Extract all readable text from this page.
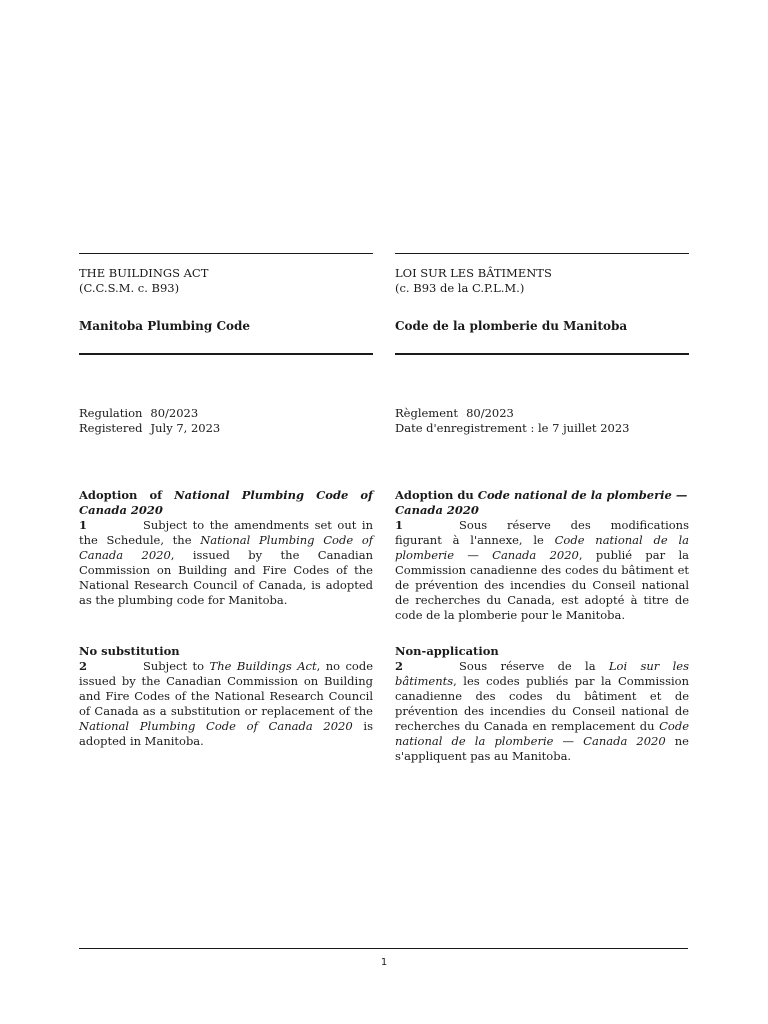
THE BUILDINGS ACT
(C.C.S.M. c. B93)
Manitoba Plumbing Code
Regulation 80/2023
Registered July 7, 2023
Adoption of National Plumbing Code of Canada 2020
1	Subject to the amendments set out in the Schedule, the National Plumbing Code of Canada 2020, issued by the Canadian Commission on Building and Fire Codes of the National Research Council of Canada, is adopted as the plumbing code for Manitoba.
No substitution
2	Subject to The Buildings Act, no code issued by the Canadian Commission on Building and Fire Codes of the National Research Council of Canada as a substitution or replacement of the National Plumbing Code of Canada 2020 is adopted in Manitoba.
LOI SUR LES BÂTIMENTS
(c. B93 de la C.P.L.M.)
Code de la plomberie du Manitoba
Règlement 80/2023
Date d'enregistrement : le 7 juillet 2023
Adoption du Code national de la plomberie — Canada 2020
1	Sous réserve des modifications figurant à l'annexe, le Code national de la plomberie — Canada 2020, publié par la Commission canadienne des codes du bâtiment et de prévention des incendies du Conseil national de recherches du Canada, est adopté à titre de code de la plomberie pour le Manitoba.
Non-application
2	Sous réserve de la Loi sur les bâtiments, les codes publiés par la Commission canadienne des codes du bâtiment et de prévention des incendies du Conseil national de recherches du Canada en remplacement du Code national de la plomberie — Canada 2020 ne s'appliquent pas au Manitoba.
1
